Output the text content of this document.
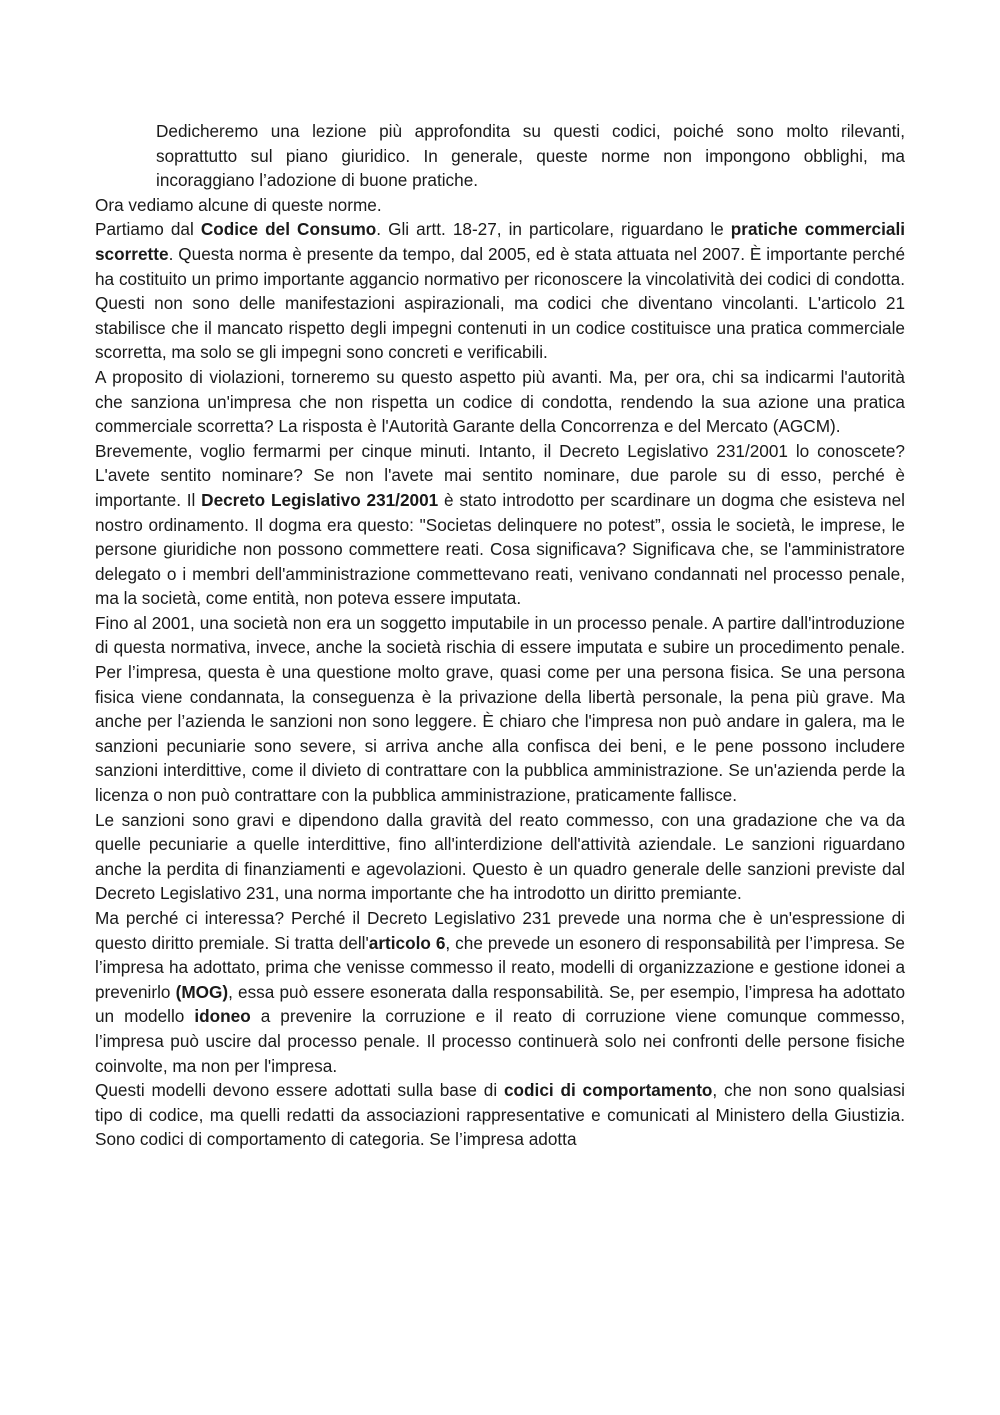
Dedicheremo una lezione più approfondita su questi codici, poiché sono molto rilevanti, soprattutto sul piano giuridico. In generale, queste norme non impongono obblighi, ma incoraggiano l’adozione di buone pratiche.

Ora vediamo alcune di queste norme.

Partiamo dal Codice del Consumo. Gli artt. 18-27, in particolare, riguardano le pratiche commerciali scorrette. Questa norma è presente da tempo, dal 2005, ed è stata attuata nel 2007. È importante perché ha costituito un primo importante aggancio normativo per riconoscere la vincolatività dei codici di condotta. Questi non sono delle manifestazioni aspirazionali, ma codici che diventano vincolanti. L'articolo 21 stabilisce che il mancato rispetto degli impegni contenuti in un codice costituisce una pratica commerciale scorretta, ma solo se gli impegni sono concreti e verificabili.

A proposito di violazioni, torneremo su questo aspetto più avanti. Ma, per ora, chi sa indicarmi l'autorità che sanziona un'impresa che non rispetta un codice di condotta, rendendo la sua azione una pratica commerciale scorretta? La risposta è l'Autorità Garante della Concorrenza e del Mercato (AGCM).

Brevemente, voglio fermarmi per cinque minuti. Intanto, il Decreto Legislativo 231/2001 lo conoscete? L'avete sentito nominare? Se non l'avete mai sentito nominare, due parole su di esso, perché è importante. Il Decreto Legislativo 231/2001 è stato introdotto per scardinare un dogma che esisteva nel nostro ordinamento. Il dogma era questo: "Societas delinquere no potest”, ossia le società, le imprese, le persone giuridiche non possono commettere reati. Cosa significava? Significava che, se l'amministratore delegato o i membri dell'amministrazione commettevano reati, venivano condannati nel processo penale, ma la società, come entità, non poteva essere imputata.

Fino al 2001, una società non era un soggetto imputabile in un processo penale. A partire dall'introduzione di questa normativa, invece, anche la società rischia di essere imputata e subire un procedimento penale. Per l’impresa, questa è una questione molto grave, quasi come per una persona fisica. Se una persona fisica viene condannata, la conseguenza è la privazione della libertà personale, la pena più grave. Ma anche per l’azienda le sanzioni non sono leggere. È chiaro che l'impresa non può andare in galera, ma le sanzioni pecuniarie sono severe, si arriva anche alla confisca dei beni, e le pene possono includere sanzioni interdittive, come il divieto di contrattare con la pubblica amministrazione. Se un'azienda perde la licenza o non può contrattare con la pubblica amministrazione, praticamente fallisce.

Le sanzioni sono gravi e dipendono dalla gravità del reato commesso, con una gradazione che va da quelle pecuniarie a quelle interdittive, fino all'interdizione dell'attività aziendale. Le sanzioni riguardano anche la perdita di finanziamenti e agevolazioni. Questo è un quadro generale delle sanzioni previste dal Decreto Legislativo 231, una norma importante che ha introdotto un diritto premiante.

Ma perché ci interessa? Perché il Decreto Legislativo 231 prevede una norma che è un'espressione di questo diritto premiale. Si tratta dell'articolo 6, che prevede un esonero di responsabilità per l’impresa. Se l’impresa ha adottato, prima che venisse commesso il reato, modelli di organizzazione e gestione idonei a prevenirlo (MOG), essa può essere esonerata dalla responsabilità. Se, per esempio, l’impresa ha adottato un modello idoneo a prevenire la corruzione e il reato di corruzione viene comunque commesso, l’impresa può uscire dal processo penale. Il processo continuerà solo nei confronti delle persone fisiche coinvolte, ma non per l'impresa.

Questi modelli devono essere adottati sulla base di codici di comportamento, che non sono qualsiasi tipo di codice, ma quelli redatti da associazioni rappresentative e comunicati al Ministero della Giustizia. Sono codici di comportamento di categoria. Se l’impresa adotta
